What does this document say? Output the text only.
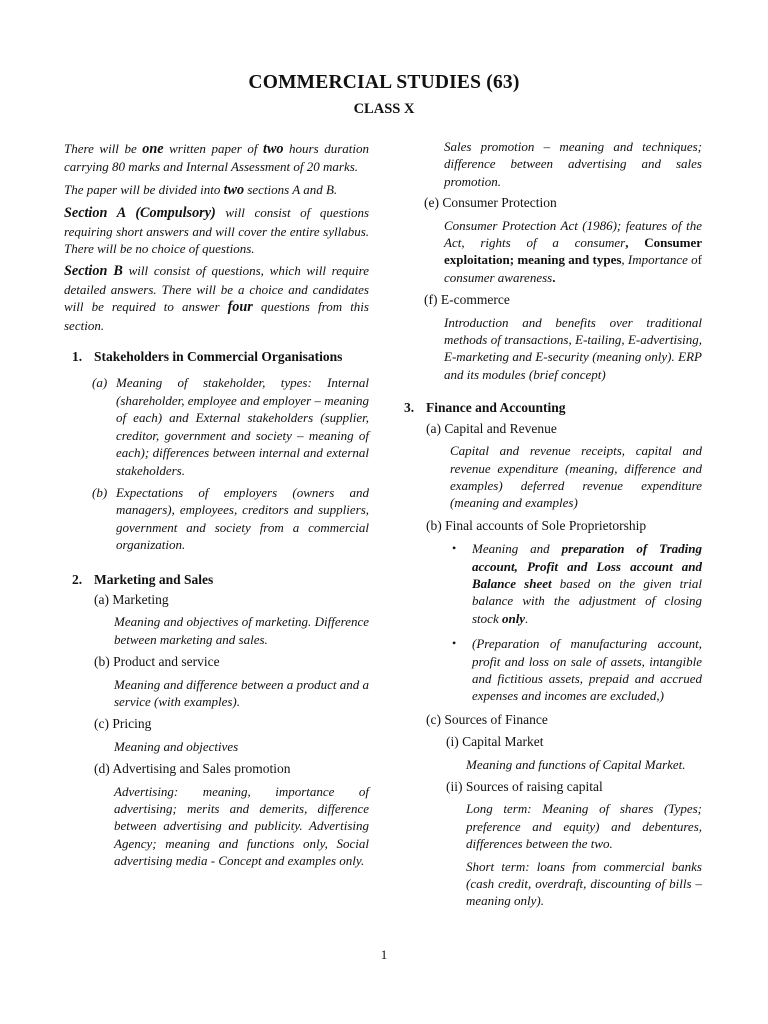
COMMERCIAL STUDIES (63)
CLASS X

There will be one written paper of two hours duration carrying 80 marks and Internal Assessment of 20 marks.

The paper will be divided into two sections A and B.

Section A (Compulsory) will consist of questions requiring short answers and will cover the entire syllabus. There will be no choice of questions.

Section B will consist of questions, which will require detailed answers. There will be a choice and candidates will be required to answer four questions from this section.

1. Stakeholders in Commercial Organisations
(a) Meaning of stakeholder, types: Internal (shareholder, employee and employer – meaning of each) and External stakeholders (supplier, creditor, government and society – meaning of each); differences between internal and external stakeholders.
(b) Expectations of employers (owners and managers), employees, creditors and suppliers, government and society from a commercial organization.
2. Marketing and Sales
(a) Marketing

Meaning and objectives of marketing. Difference between marketing and sales.

(b) Product and service

Meaning and difference between a product and a service (with examples).

(c) Pricing

Meaning and objectives

(d) Advertising and Sales promotion

Advertising: meaning, importance of advertising; merits and demerits, difference between advertising and publicity. Advertising Agency; meaning and functions only, Social advertising media - Concept and examples only.

Sales promotion – meaning and techniques; difference between advertising and sales promotion.

(e) Consumer Protection

Consumer Protection Act (1986); features of the Act, rights of a consumer, Consumer exploitation; meaning and types, Importance of consumer awareness.

(f) E-commerce

Introduction and benefits over traditional methods of transactions, E-tailing, E-advertising, E-marketing and E-security (meaning only). ERP and its modules (brief concept)

3. Finance and Accounting
(a) Capital and Revenue

Capital and revenue receipts, capital and revenue expenditure (meaning, difference and examples) deferred revenue expenditure (meaning and examples)

(b) Final accounts of Sole Proprietorship
•	Meaning and preparation of Trading account, Profit and Loss account and Balance sheet based on the given trial balance with the adjustment of closing stock only.

•	(Preparation of manufacturing account, profit and loss on sale of assets, intangible and fictitious assets, prepaid and accrued expenses and incomes are excluded,)

(c) Sources of Finance
(i) Capital Market

Meaning and functions of Capital Market.

(ii) Sources of raising capital

Long term: Meaning of shares (Types; preference and equity) and debentures, differences between the two.

Short term: loans from commercial banks (cash credit, overdraft, discounting of bills – meaning only).

1
